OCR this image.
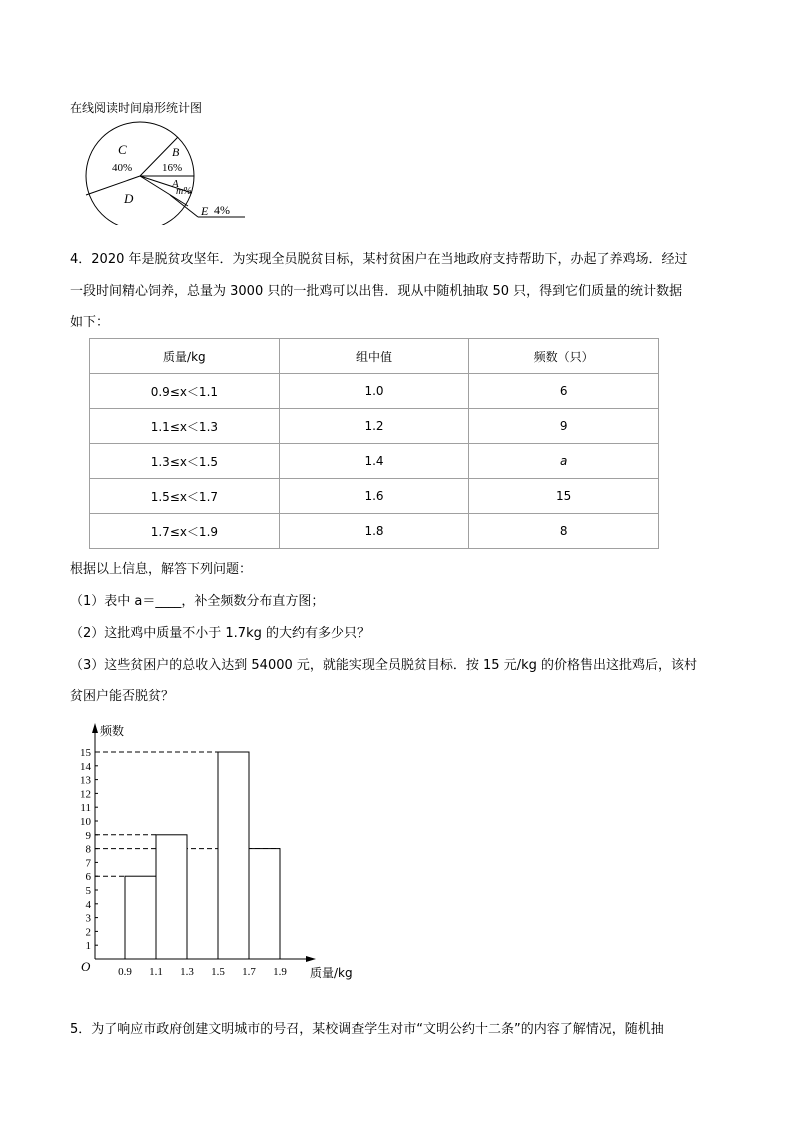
在线阅读时间扇形统计图
C
40%
B
16%
A
m%
D
E 4%
4．2020 年是脱贫攻坚年．为实现全员脱贫目标，某村贫困户在当地政府支持帮助下，办起了养鸡场．经过
一段时间精心饲养，总量为 3000 只的一批鸡可以出售．现从中随机抽取 50 只，得到它们质量的统计数据
如下：
质量/kg	组中值	频数（只）
0.9≤x＜1.1	1.0	6
1.1≤x＜1.3	1.2	9
1.3≤x＜1.5	1.4	a
1.5≤x＜1.7	1.6	15
1.7≤x＜1.9	1.8	8
根据以上信息，解答下列问题：
（1）表中 a＝____，补全频数分布直方图；
（2）这批鸡中质量不小于 1.7kg 的大约有多少只？
（3）这些贫困户的总收入达到 54000 元，就能实现全员脱贫目标．按 15 元/kg 的价格售出这批鸡后，该村
贫困户能否脱贫？
频数
质量/kg
O
1
2
3
4
5
6
7
8
9
10
11
12
13
14
15
0.9 1.1 1.3 1.5 1.7 1.9
5．为了响应市政府创建文明城市的号召，某校调查学生对市“文明公约十二条”的内容了解情况，随机抽
